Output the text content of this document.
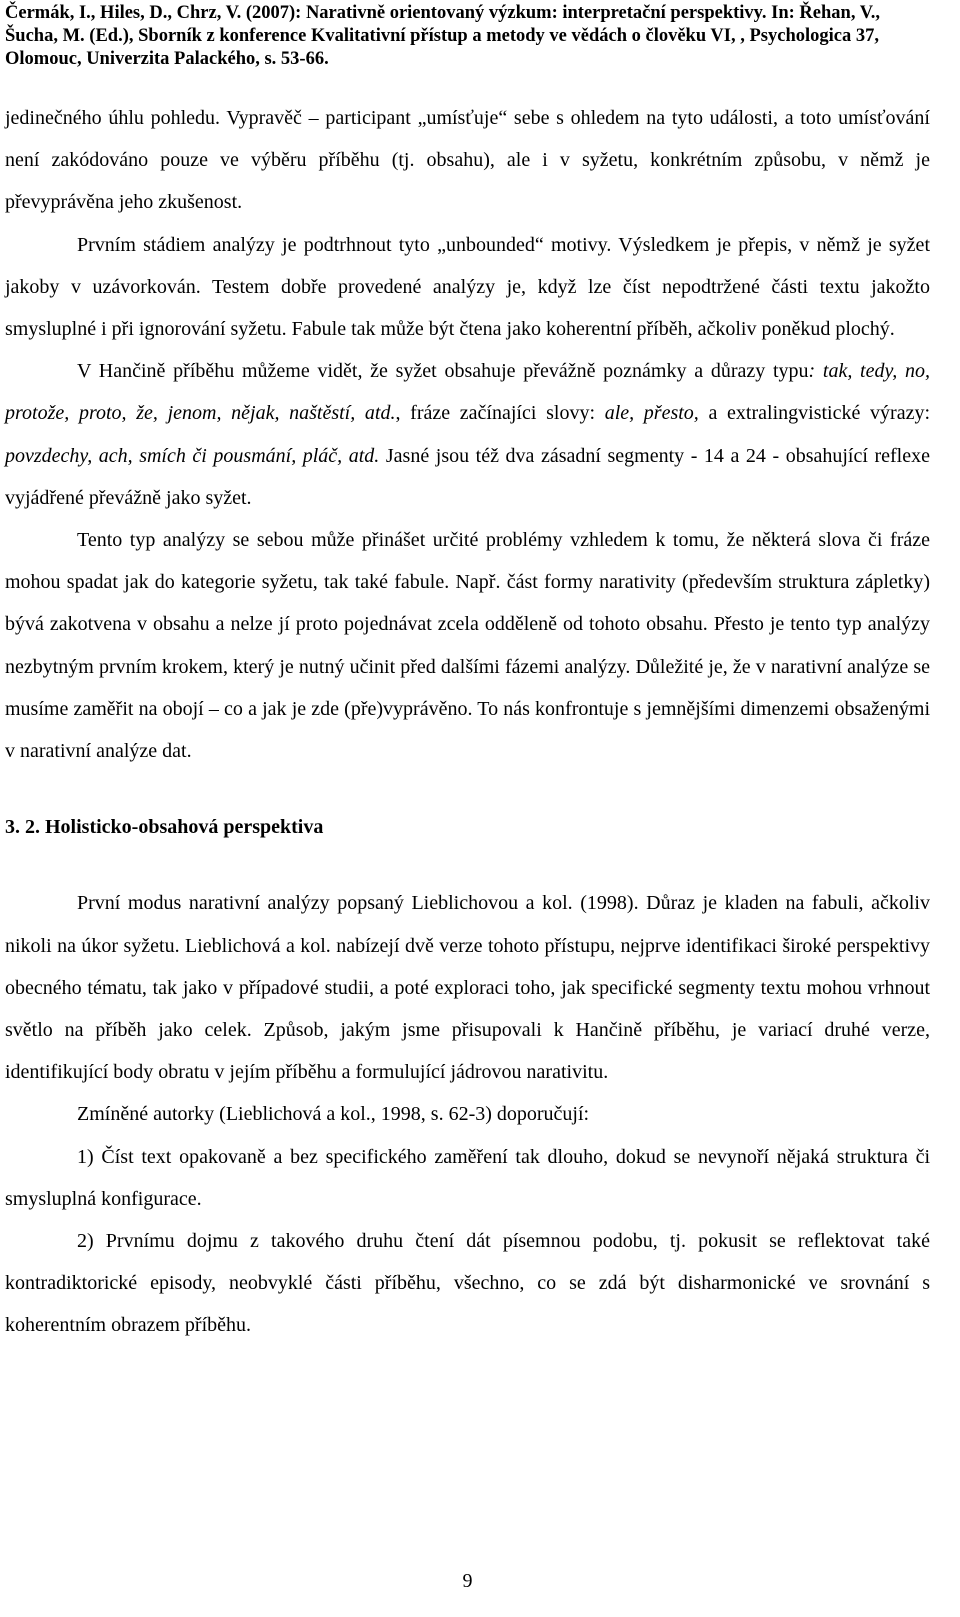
Čermák, I., Hiles, D., Chrz, V. (2007): Narativně orientovaný výzkum: interpretační perspektivy. In: Řehan, V.,
Šucha, M. (Ed.), Sborník z konference Kvalitativní přístup a metody ve vědách o člověku VI, , Psychologica 37,
Olomouc, Univerzita Palackého, s. 53-66.

jedinečného úhlu pohledu. Vypravěč – participant „umísťuje“ sebe s ohledem na tyto události, a toto umísťování není zakódováno pouze ve výběru příběhu (tj. obsahu), ale i v syžetu, konkrétním způsobu, v němž je převyprávěna jeho zkušenost.

Prvním stádiem analýzy je podtrhnout tyto „unbounded“ motivy. Výsledkem je přepis, v němž je syžet jakoby v uzávorkován. Testem dobře provedené analýzy je, když lze číst nepodtržené části textu jakožto smysluplné i při ignorování syžetu. Fabule tak může být čtena jako koherentní příběh, ačkoliv poněkud plochý.

V Hančině příběhu můžeme vidět, že syžet obsahuje převážně poznámky a důrazy typu: tak, tedy, no, protože, proto, že, jenom, nějak, naštěstí, atd., fráze začínajíci slovy: ale, přesto, a extralingvistické výrazy: povzdechy, ach, smích či pousmání, pláč, atd. Jasné jsou též dva zásadní segmenty - 14 a 24 - obsahující reflexe vyjádřené převážně jako syžet.

Tento typ analýzy se sebou může přinášet určité problémy vzhledem k tomu, že některá slova či fráze mohou spadat jak do kategorie syžetu, tak také fabule. Např. část formy narativity (především struktura zápletky) bývá zakotvena v obsahu a nelze jí proto pojednávat zcela odděleně od tohoto obsahu. Přesto je tento typ analýzy nezbytným prvním krokem, který je nutný učinit před dalšími fázemi analýzy. Důležité je, že v narativní analýze se musíme zaměřit na obojí – co a jak je zde (pře)vyprávěno. To nás konfrontuje s jemnějšími dimenzemi obsaženými v narativní analýze dat.

3. 2. Holisticko-obsahová perspektiva

První modus narativní analýzy popsaný Lieblichovou a kol. (1998). Důraz je kladen na fabuli, ačkoliv nikoli na úkor syžetu. Lieblichová a kol. nabízejí dvě verze tohoto přístupu, nejprve identifikaci široké perspektivy obecného tématu, tak jako v případové studii, a poté exploraci toho, jak specifické segmenty textu mohou vrhnout světlo na příběh jako celek. Způsob, jakým jsme přisupovali k Hančině příběhu, je variací druhé verze, identifikující body obratu v jejím příběhu a formulující jádrovou narativitu.

Zmíněné autorky (Lieblichová a kol., 1998, s. 62-3) doporučují:

1) Číst text opakovaně a bez specifického zaměření tak dlouho, dokud se nevynoří nějaká struktura či smysluplná konfigurace.

2) Prvnímu dojmu z takového druhu čtení dát písemnou podobu, tj. pokusit se reflektovat také kontradiktorické episody, neobvyklé části příběhu, všechno, co se zdá být disharmonické ve srovnání s koherentním obrazem příběhu.

9
